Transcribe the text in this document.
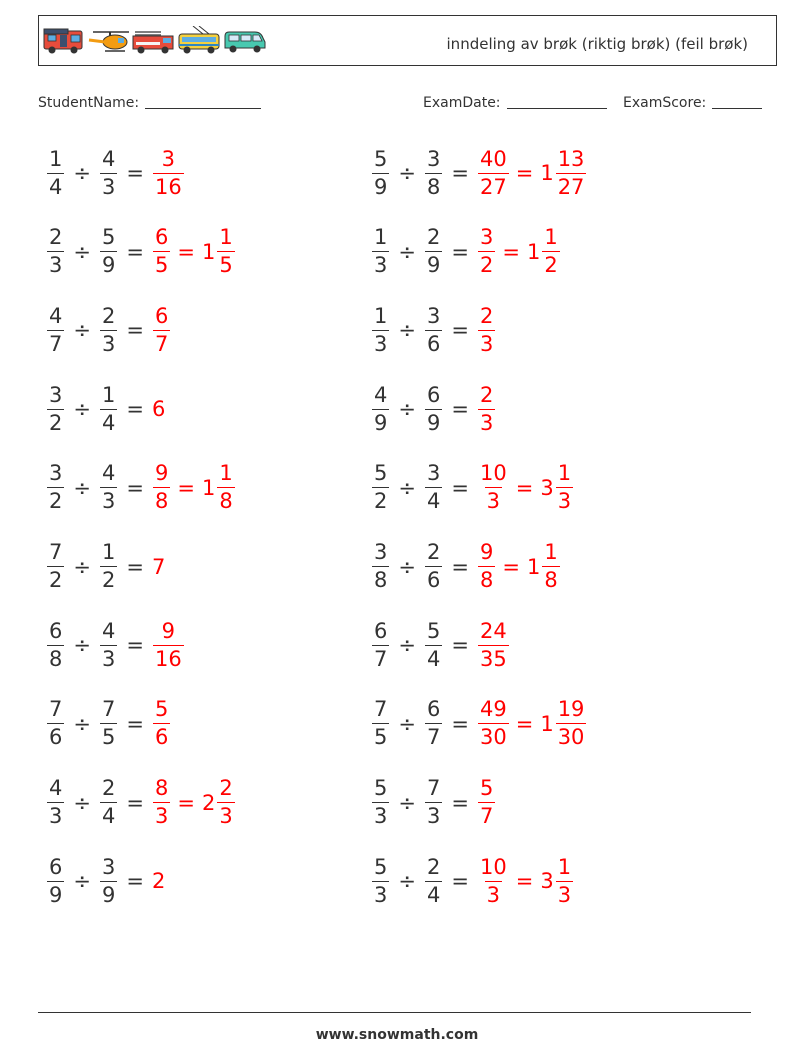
inndeling av brøk (riktig brøk) (feil brøk)
StudentName:	ExamDate:	ExamScore:
$\frac{1}{4} \div \frac{4}{3} = \frac{3}{16}$
$\frac{2}{3} \div \frac{5}{9} = \frac{6}{5} = 1 \frac{1}{5}$
$\frac{4}{7} \div \frac{2}{3} = \frac{6}{7}$
$\frac{3}{2} \div \frac{1}{4} = 6$
$\frac{3}{2} \div \frac{4}{3} = \frac{9}{8} = 1 \frac{1}{8}$
$\frac{7}{2} \div \frac{1}{2} = 7$
$\frac{6}{8} \div \frac{4}{3} = \frac{9}{16}$
$\frac{7}{6} \div \frac{7}{5} = \frac{5}{6}$
$\frac{4}{3} \div \frac{2}{4} = \frac{8}{3} = 2 \frac{2}{3}$
$\frac{6}{9} \div \frac{3}{9} = 2$
$\frac{5}{9} \div \frac{3}{8} = \frac{40}{27} = 1 \frac{13}{27}$
$\frac{1}{3} \div \frac{2}{9} = \frac{3}{2} = 1 \frac{1}{2}$
$\frac{1}{3} \div \frac{3}{6} = \frac{2}{3}$
$\frac{4}{9} \div \frac{6}{9} = \frac{2}{3}$
$\frac{5}{2} \div \frac{3}{4} = \frac{10}{3} = 3 \frac{1}{3}$
$\frac{3}{8} \div \frac{2}{6} = \frac{9}{8} = 1 \frac{1}{8}$
$\frac{6}{7} \div \frac{5}{4} = \frac{24}{35}$
$\frac{7}{5} \div \frac{6}{7} = \frac{49}{30} = 1 \frac{19}{30}$
$\frac{5}{3} \div \frac{7}{3} = \frac{5}{7}$
$\frac{5}{3} \div \frac{2}{4} = \frac{10}{3} = 3 \frac{1}{3}$
www.snowmath.com
